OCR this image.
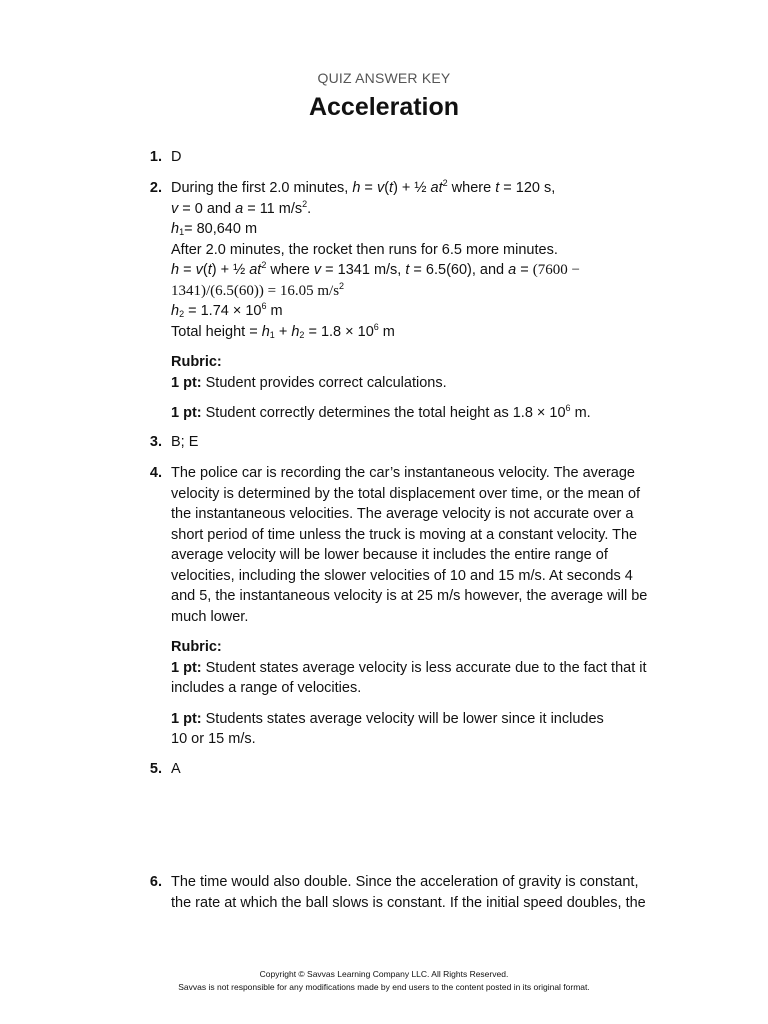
QUIZ ANSWER KEY
Acceleration
1. D
2. During the first 2.0 minutes, h = v(t) + ½ $at^2$ where t = 120 s,
v = 0 and a = 11 $m/s^2$.
$h_1= 80,640$ m
After 2.0 minutes, the rocket then runs for 6.5 more minutes.
h = v(t) + ½ $at^2$ where v = 1341 m/s, t = 6.5(60), and a = (7600 −
1341)/(6.5(60)) = 16.05 $m/s^2$
$h_2 = 1.74 \times 10^6$ m
Total height = $h_1 + h_2 = 1.8 \times 10^6$ m
Rubric:
1 pt: Student provides correct calculations.
1 pt: Student correctly determines the total height as $1.8 \times 10^6$ m.
3. B; E
4. The police car is recording the car’s instantaneous velocity. The average
velocity is determined by the total displacement over time, or the mean of
the instantaneous velocities. The average velocity is not accurate over a
short period of time unless the truck is moving at a constant velocity. The
average velocity will be lower because it includes the entire range of
velocities, including the slower velocities of 10 and 15 m/s. At seconds 4
and 5, the instantaneous velocity is at 25 m/s however, the average will be
much lower.
Rubric:
1 pt: Student states average velocity is less accurate due to the fact that it
includes a range of velocities.
1 pt: Students states average velocity will be lower since it includes
10 or 15 m/s.
5. A
6. The time would also double. Since the acceleration of gravity is constant,
the rate at which the ball slows is constant. If the initial speed doubles, the
Copyright © Savvas Learning Company LLC. All Rights Reserved.
Savvas is not responsible for any modifications made by end users to the content posted in its original format.
